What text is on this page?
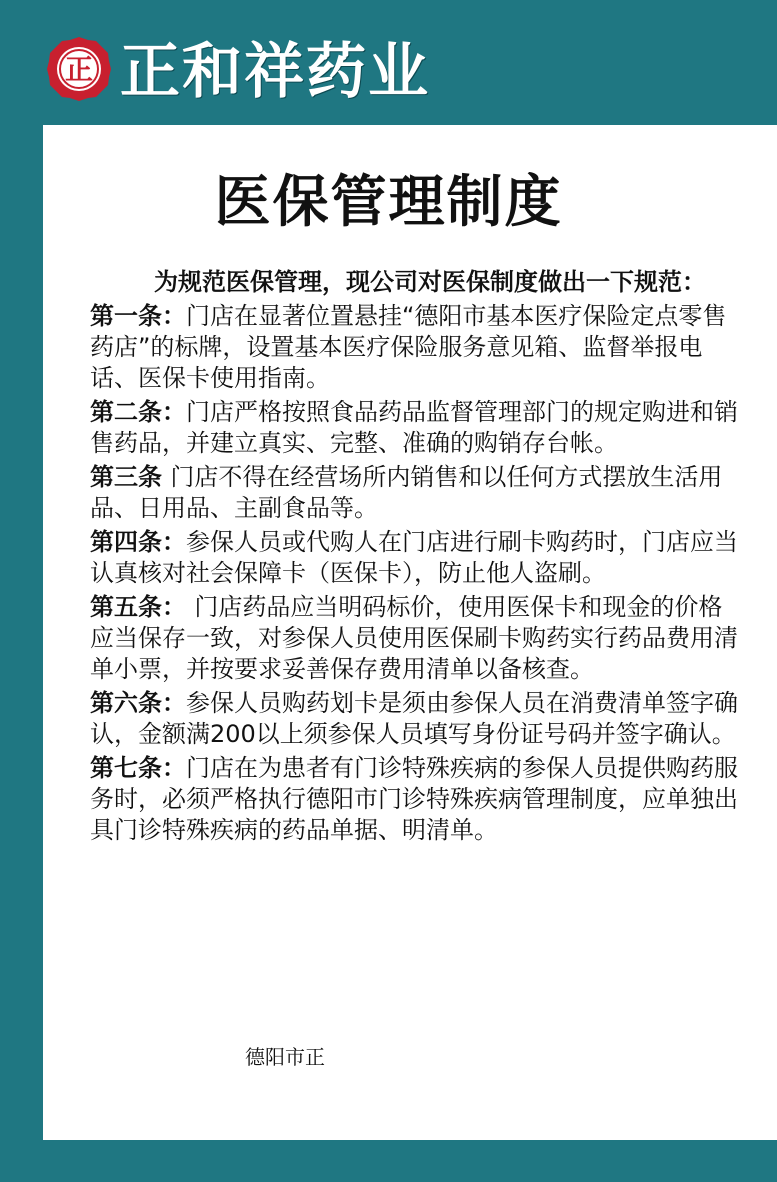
正 正和祥药业
医保管理制度

为规范医保管理，现公司对医保制度做出一下规范：

第一条：门店在显著位置悬挂“德阳市基本医疗保险定点零售药店”的标牌，设置基本医疗保险服务意见箱、监督举报电话、医保卡使用指南。

第二条：门店严格按照食品药品监督管理部门的规定购进和销售药品，并建立真实、完整、准确的购销存台帐。

第三条 门店不得在经营场所内销售和以任何方式摆放生活用品、日用品、主副食品等。

第四条：参保人员或代购人在门店进行刷卡购药时，门店应当认真核对社会保障卡（医保卡），防止他人盗刷。

第五条： 门店药品应当明码标价，使用医保卡和现金的价格应当保存一致，对参保人员使用医保刷卡购药实行药品费用清单小票，并按要求妥善保存费用清单以备核查。

第六条：参保人员购药划卡是须由参保人员在消费清单签字确认，金额满200以上须参保人员填写身份证号码并签字确认。

第七条：门店在为患者有门诊特殊疾病的参保人员提供购药服务时，必须严格执行德阳市门诊特殊疾病管理制度，应单独出具门诊特殊疾病的药品单据、明清单。

德阳市正
